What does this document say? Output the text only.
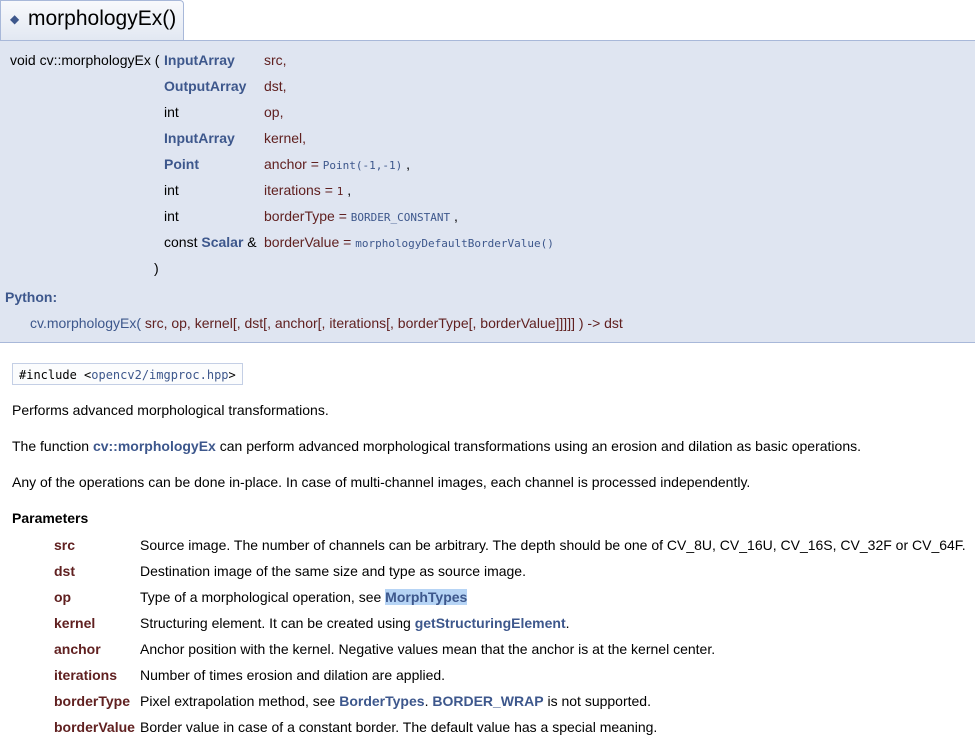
◆ morphologyEx()
void cv::morphologyEx ( InputArray src,
OutputArray dst,
int	op,
InputArray kernel,
Point	anchor = Point(-1,-1) ,
int	iterations = 1 ,
int	borderType = BORDER_CONSTANT ,
const Scalar & borderValue = morphologyDefaultBorderValue()
)
Python:
cv.morphologyEx( src, op, kernel[, dst[, anchor[, iterations[, borderType[, borderValue]]]]] ) -> dst
#include <opencv2/imgproc.hpp>
Performs advanced morphological transformations.
The function cv::morphologyEx can perform advanced morphological transformations using an erosion and dilation as basic operations.
Any of the operations can be done in-place. In case of multi-channel images, each channel is processed independently.
Parameters
src	Source image. The number of channels can be arbitrary. The depth should be one of CV_8U, CV_16U, CV_16S, CV_32F or CV_64F.
dst	Destination image of the same size and type as source image.
op	Type of a morphological operation, see MorphTypes
kernel	Structuring element. It can be created using getStructuringElement.
anchor	Anchor position with the kernel. Negative values mean that the anchor is at the kernel center.
iterations Number of times erosion and dilation are applied.
borderType Pixel extrapolation method, see BorderTypes. BORDER_WRAP is not supported.
borderValue Border value in case of a constant border. The default value has a special meaning.
